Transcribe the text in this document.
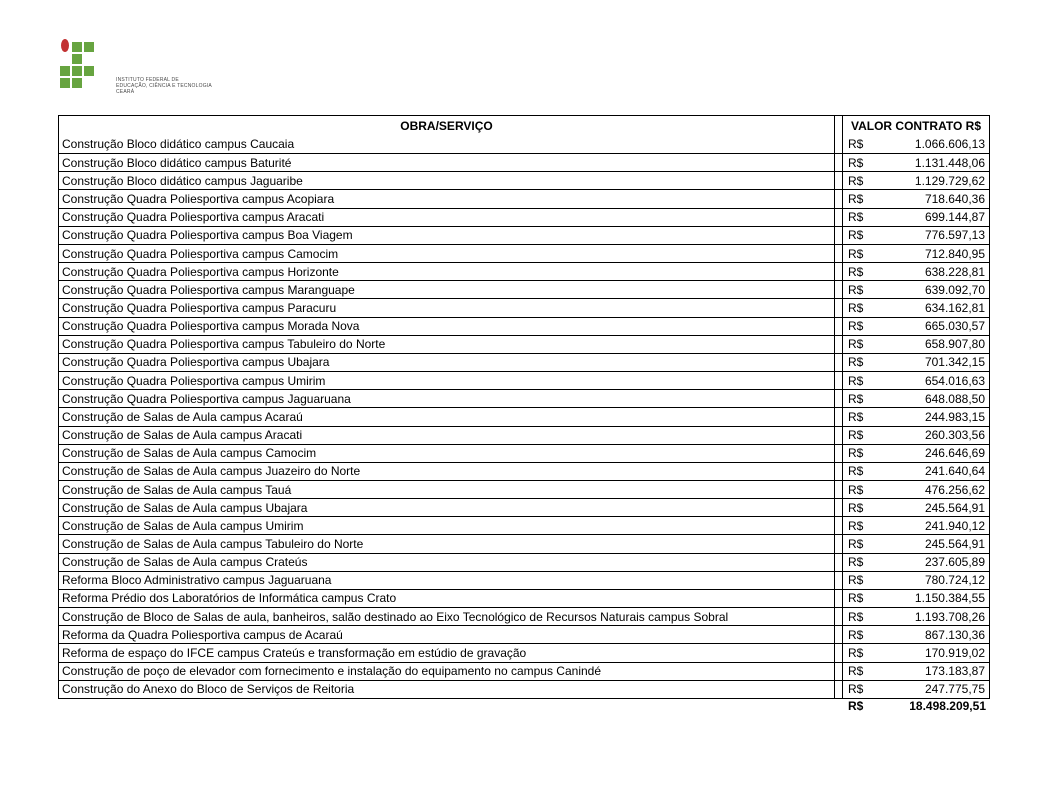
INSTITUTO FEDERAL DE
EDUCAÇÃO, CIÊNCIA E TECNOLOGIA
CEARÁ
OBRA/SERVIÇO	VALOR CONTRATO R$
Construção Bloco didático campus Caucaia	R$	1.066.606,13
Construção Bloco didático campus Baturité	R$	1.131.448,06
Construção Bloco didático campus Jaguaribe	R$	1.129.729,62
Construção Quadra Poliesportiva campus Acopiara	R$	718.640,36
Construção Quadra Poliesportiva campus Aracati	R$	699.144,87
Construção Quadra Poliesportiva campus Boa Viagem	R$	776.597,13
Construção Quadra Poliesportiva campus Camocim	R$	712.840,95
Construção Quadra Poliesportiva campus Horizonte	R$	638.228,81
Construção Quadra Poliesportiva campus Maranguape	R$	639.092,70
Construção Quadra Poliesportiva campus Paracuru	R$	634.162,81
Construção Quadra Poliesportiva campus Morada Nova	R$	665.030,57
Construção Quadra Poliesportiva campus Tabuleiro do Norte	R$	658.907,80
Construção Quadra Poliesportiva campus Ubajara	R$	701.342,15
Construção Quadra Poliesportiva campus Umirim	R$	654.016,63
Construção Quadra Poliesportiva campus Jaguaruana	R$	648.088,50
Construção de Salas de Aula campus Acaraú	R$	244.983,15
Construção de Salas de Aula campus Aracati	R$	260.303,56
Construção de Salas de Aula campus Camocim	R$	246.646,69
Construção de Salas de Aula campus Juazeiro do Norte	R$	241.640,64
Construção de Salas de Aula campus Tauá	R$	476.256,62
Construção de Salas de Aula campus Ubajara	R$	245.564,91
Construção de Salas de Aula campus Umirim	R$	241.940,12
Construção de Salas de Aula campus Tabuleiro do Norte	R$	245.564,91
Construção de Salas de Aula campus Crateús	R$	237.605,89
Reforma Bloco Administrativo campus Jaguaruana	R$	780.724,12
Reforma Prédio dos Laboratórios de Informática campus Crato	R$	1.150.384,55
Construção de Bloco de Salas de aula, banheiros, salão destinado ao Eixo Tecnológico de Recursos Naturais campus Sobral	R$	1.193.708,26
Reforma da Quadra Poliesportiva campus de Acaraú	R$	867.130,36
Reforma de espaço do IFCE campus Crateús e transformação em estúdio de gravação	R$	170.919,02
Construção de poço de elevador com fornecimento e instalação do equipamento no campus Canindé	R$	173.183,87
Construção do Anexo do Bloco de Serviços de Reitoria	R$	247.775,75
R$	18.498.209,51
